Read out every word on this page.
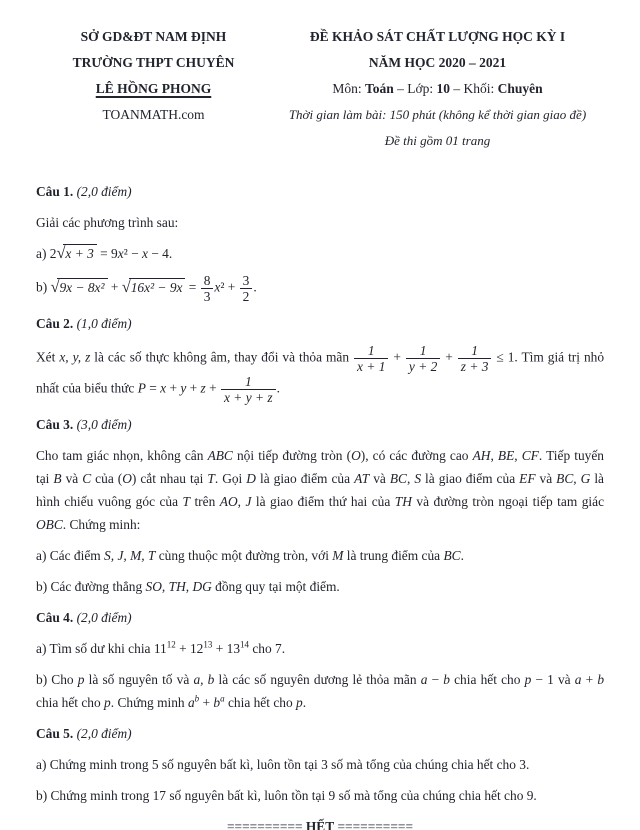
SỞ GD&ĐT NAM ĐỊNH
TRƯỜNG THPT CHUYÊN
LÊ HỒNG PHONG
TOANMATH.com
ĐỀ KHẢO SÁT CHẤT LƯỢNG HỌC KỲ I
NĂM HỌC 2020 – 2021
Môn: Toán – Lớp: 10 – Khối: Chuyên
Thời gian làm bài: 150 phút (không kể thời gian giao đề)
Đề thi gồm 01 trang

Câu 1. (2,0 điểm)

Giải các phương trình sau:

a) 2√x + 3 = 9x² − x − 4.

b) $√9x - 8x^2 + √16x^2 - 9x = \frac{8}{3} x^2 + \frac{3}{2}$ .

Câu 2. (1,0 điểm)

Xét x, y, z là các số thực không âm, thay đổi và thỏa mãn $\frac{1}{x + 1} + \frac{1}{y + 2} + \frac{1}{z + 3} \le 1$. Tìm giá trị nhỏ nhất của biểu thức $P = x + y + z + \frac{1}{x + y + z}$ .

Câu 3. (3,0 điểm)

Cho tam giác nhọn, không cân ABC nội tiếp đường tròn (O), có các đường cao AH, BE, CF. Tiếp tuyến tại B và C của (O) cắt nhau tại T. Gọi D là giao điểm của AT và BC, S là giao điểm của EF và BC, G là hình chiếu vuông góc của T trên AO, J là giao điểm thứ hai của TH và đường tròn ngoại tiếp tam giác OBC. Chứng minh:

a) Các điểm S, J, M, T cùng thuộc một đường tròn, với M là trung điểm của BC.

b) Các đường thẳng SO, TH, DG đồng quy tại một điểm.

Câu 4. (2,0 điểm)

a) Tìm số dư khi chia $11^{12} + 12^{13} + 13^{14}$ cho 7.

b) Cho p là số nguyên tố và a, b là các số nguyên dương lẻ thỏa mãn a − b chia hết cho p − 1 và a + b chia hết cho p. Chứng minh $a^b + b^a$ chia hết cho p.

Câu 5. (2,0 điểm)

a) Chứng minh trong 5 số nguyên bất kì, luôn tồn tại 3 số mà tổng của chúng chia hết cho 3.

b) Chứng minh trong 17 số nguyên bất kì, luôn tồn tại 9 số mà tổng của chúng chia hết cho 9.

========== HẾT ==========
